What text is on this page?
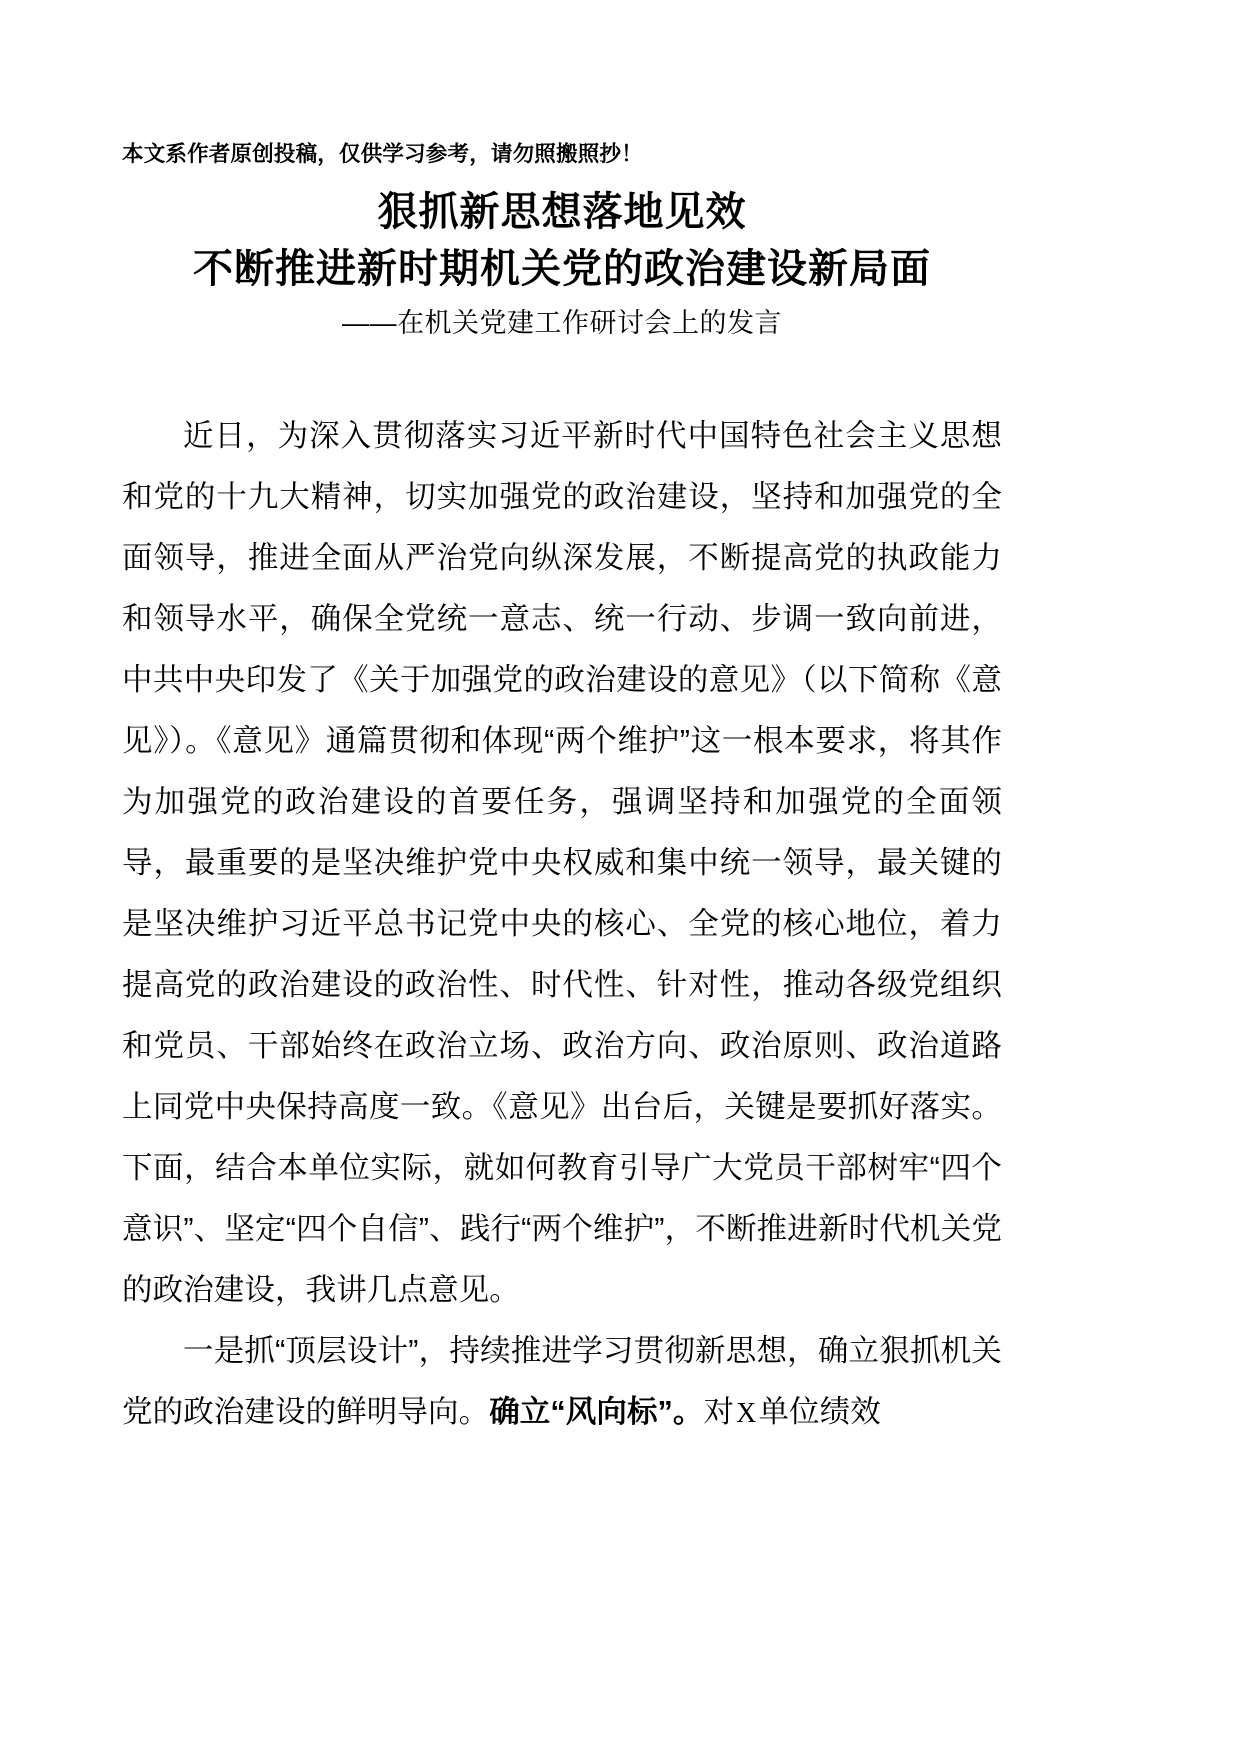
本文系作者原创投稿，仅供学习参考，请勿照搬照抄！
狠抓新思想落地见效
不断推进新时期机关党的政治建设新局面
——在机关党建工作研讨会上的发言

近日，为深入贯彻落实习近平新时代中国特色社会主义思想和党的十九大精神，切实加强党的政治建设，坚持和加强党的全面领导，推进全面从严治党向纵深发展，不断提高党的执政能力和领导水平，确保全党统一意志、统一行动、步调一致向前进，中共中央印发了《关于加强党的政治建设的意见》（以下简称《意见》）。《意见》通篇贯彻和体现“两个维护”这一根本要求，将其作为加强党的政治建设的首要任务，强调坚持和加强党的全面领导，最重要的是坚决维护党中央权威和集中统一领导，最关键的是坚决维护习近平总书记党中央的核心、全党的核心地位，着力提高党的政治建设的政治性、时代性、针对性，推动各级党组织和党员、干部始终在政治立场、政治方向、政治原则、政治道路上同党中央保持高度一致。《意见》出台后，关键是要抓好落实。下面，结合本单位实际，就如何教育引导广大党员干部树牢“四个意识”、坚定“四个自信”、践行“两个维护”，不断推进新时代机关党的政治建设，我讲几点意见。

一是抓“顶层设计”，持续推进学习贯彻新思想，确立狠抓机关党的政治建设的鲜明导向。确立“风向标”。对X单位绩效
